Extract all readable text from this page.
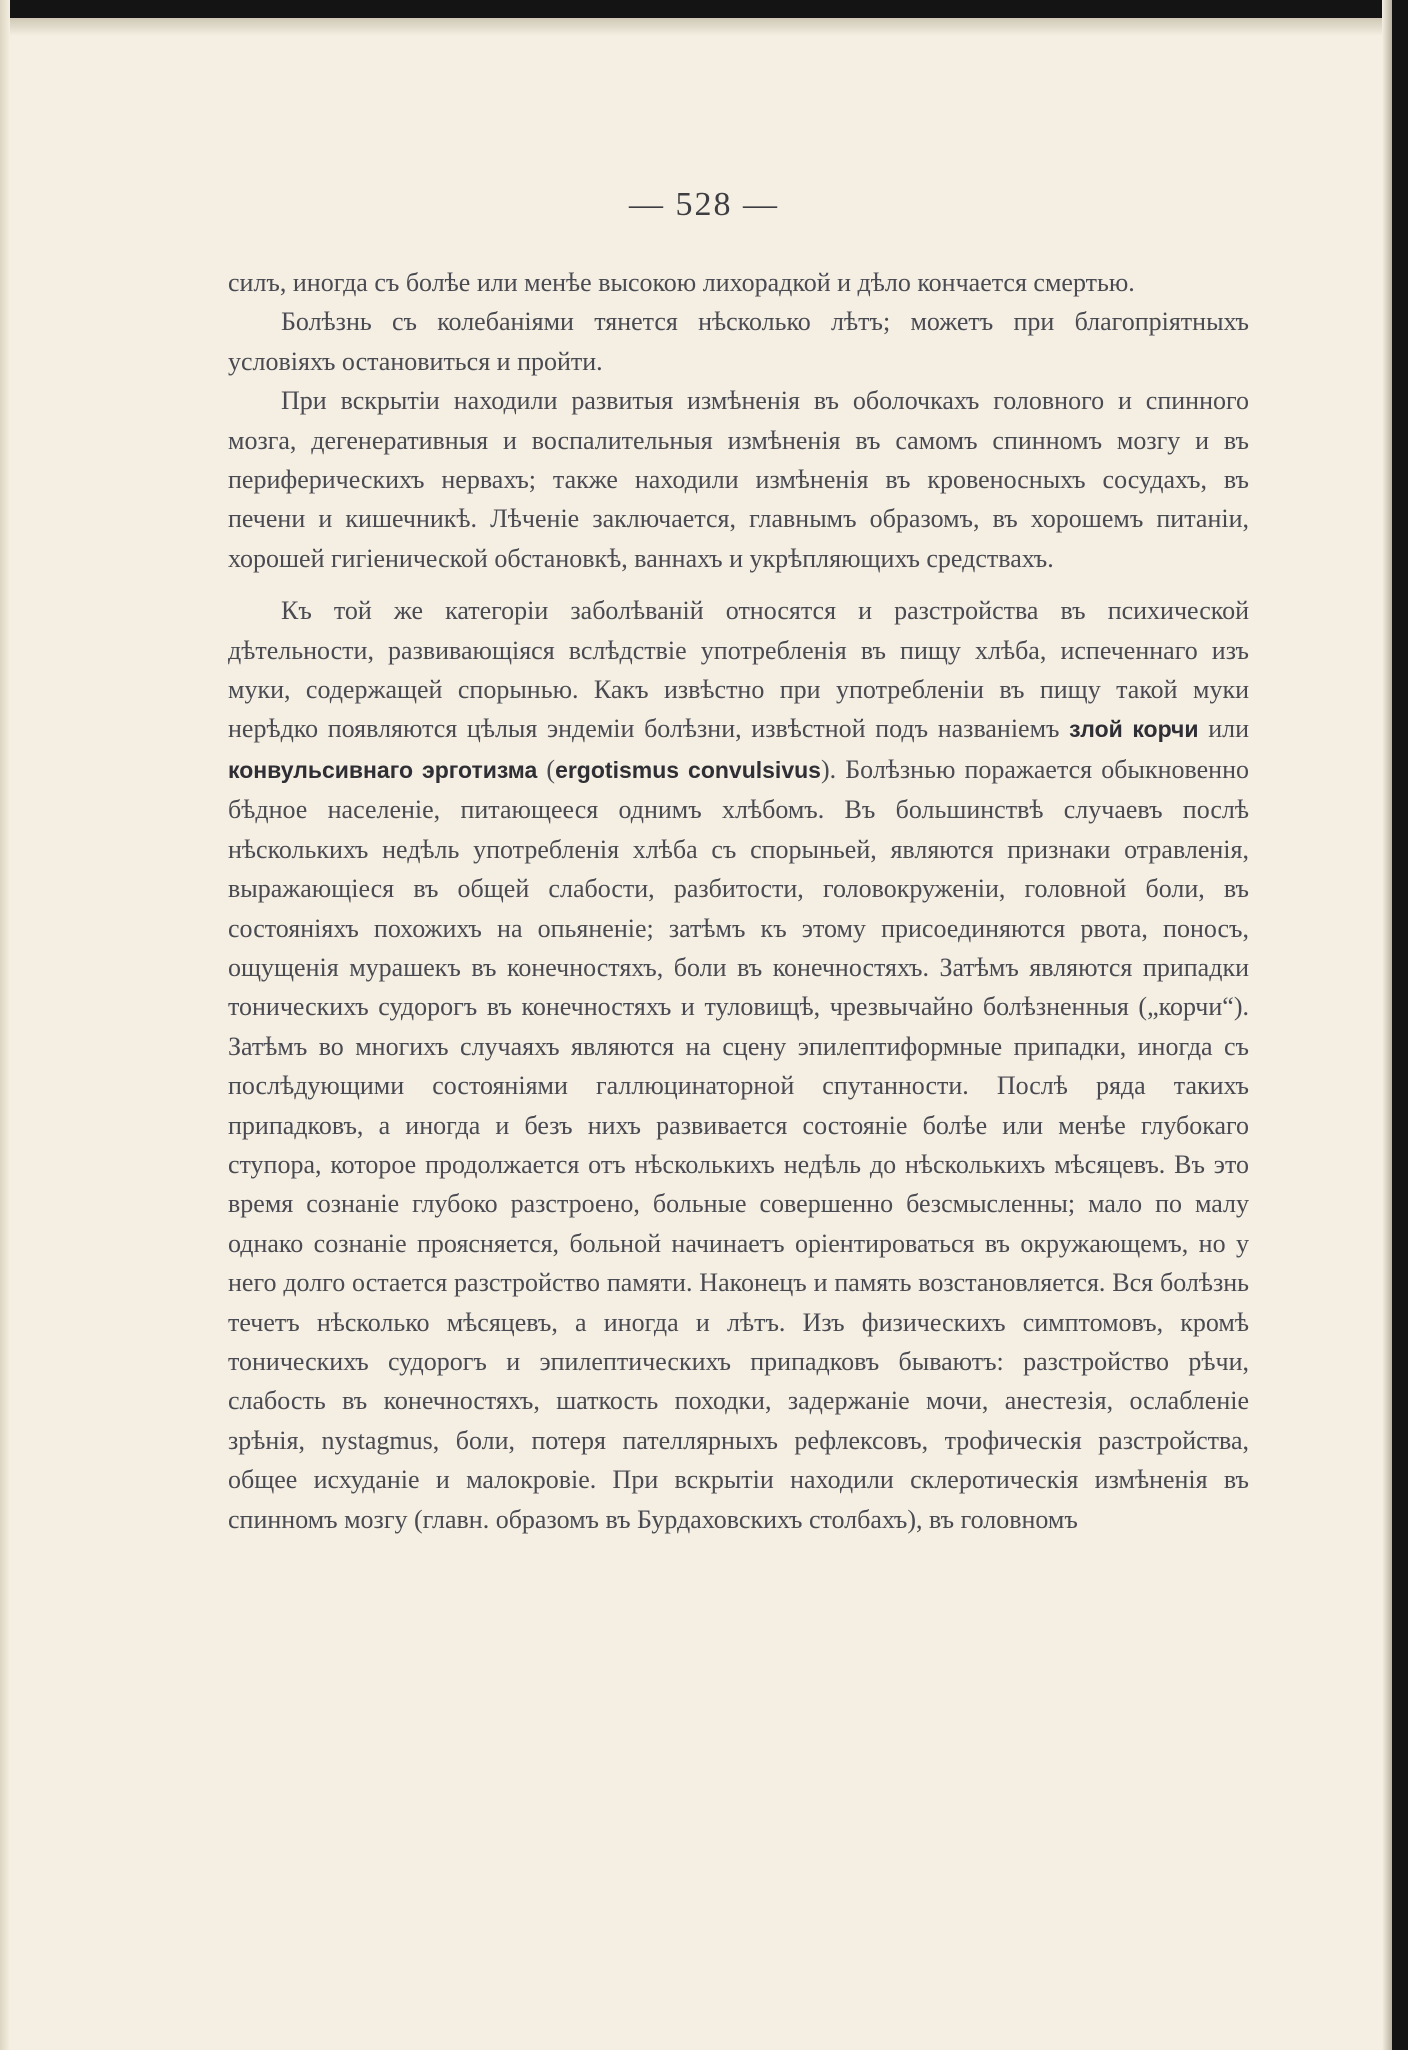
— 528 —

силъ, иногда съ болѣе или менѣе высокою лихорадкой и дѣло кончается смертью.

Болѣзнь съ колебаніями тянется нѣсколько лѣтъ; можетъ при благопріятныхъ условіяхъ остановиться и пройти.

При вскрытіи находили развитыя измѣненія въ оболочкахъ головного и спинного мозга, дегенеративныя и воспалительныя измѣненія въ самомъ спинномъ мозгу и въ периферическихъ нервахъ; также находили измѣненія въ кровеносныхъ сосудахъ, въ печени и кишечникѣ. Лѣченіе заключается, главнымъ образомъ, въ хорошемъ питаніи, хорошей гигіенической обстановкѣ, ваннахъ и укрѣпляющихъ средствахъ.

Къ той же категоріи заболѣваній относятся и разстройства въ психической дѣтельности, развивающіяся вслѣдствіе употребленія въ пищу хлѣба, испеченнаго изъ муки, содержащей спорынью. Какъ извѣстно при употребленіи въ пищу такой муки нерѣдко появляются цѣлыя эндеміи болѣзни, извѣстной подъ названіемъ злой корчи или конвульсивнаго эрготизма (ergotismus convulsivus). Болѣзнью поражается обыкновенно бѣдное населеніе, питающееся однимъ хлѣбомъ. Въ большинствѣ случаевъ послѣ нѣсколькихъ недѣль употребленія хлѣба съ спорыньей, являются признаки отравленія, выражающіеся въ общей слабости, разбитости, головокруженіи, головной боли, въ состояніяхъ похожихъ на опьяненіе; затѣмъ къ этому присоединяются рвота, поносъ, ощущенія мурашекъ въ конечностяхъ, боли въ конечностяхъ. Затѣмъ являются припадки тоническихъ судорогъ въ конечностяхъ и туловищѣ, чрезвычайно болѣзненныя („корчи“). Затѣмъ во многихъ случаяхъ являются на сцену эпилептиформные припадки, иногда съ послѣдующими состояніями галлюцинаторной спутанности. Послѣ ряда такихъ припадковъ, а иногда и безъ нихъ развивается состояніе болѣе или менѣе глубокаго ступора, которое продолжается отъ нѣсколькихъ недѣль до нѣсколькихъ мѣсяцевъ. Въ это время сознаніе глубоко разстроено, больные совершенно безсмысленны; мало по малу однако сознаніе проясняется, больной начинаетъ оріентироваться въ окружающемъ, но у него долго остается разстройство памяти. Наконецъ и память возстановляется. Вся болѣзнь течетъ нѣсколько мѣсяцевъ, а иногда и лѣтъ. Изъ физическихъ симптомовъ, кромѣ тоническихъ судорогъ и эпилептическихъ припадковъ бываютъ: разстройство рѣчи, слабость въ конечностяхъ, шаткость походки, задержаніе мочи, анестезія, ослабленіе зрѣнія, nystagmus, боли, потеря пателлярныхъ рефлексовъ, трофическія разстройства, общее исхуданіе и малокровіе. При вскрытіи находили склеротическія измѣненія въ спинномъ мозгу (главн. образомъ въ Бурдаховскихъ столбахъ), въ головномъ
